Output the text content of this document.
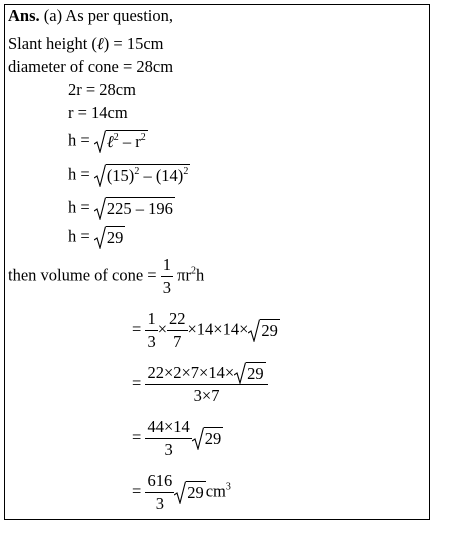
Ans. (a) As per question,
Slant height (ℓ) = 15cm
diameter of cone = 28cm
2r = 28cm
r = 14cm
h = ℓ$^2$ – $r^2$
$h = (15)^2 - (14)^2$
h = 225 – 196
h = 29
then volume of cone = $\frac{1}{3} \pi r^2h$
= $\frac{1}{3} \times \frac{22}{7} \times 14\times 14\times 29$
= $\frac{22\times 2\times 7\times 14\times 29}{3\times 7}$
= $\frac{44\times 14}{3} 29$
= $\frac{616}{3} 29$ $cm^3$
